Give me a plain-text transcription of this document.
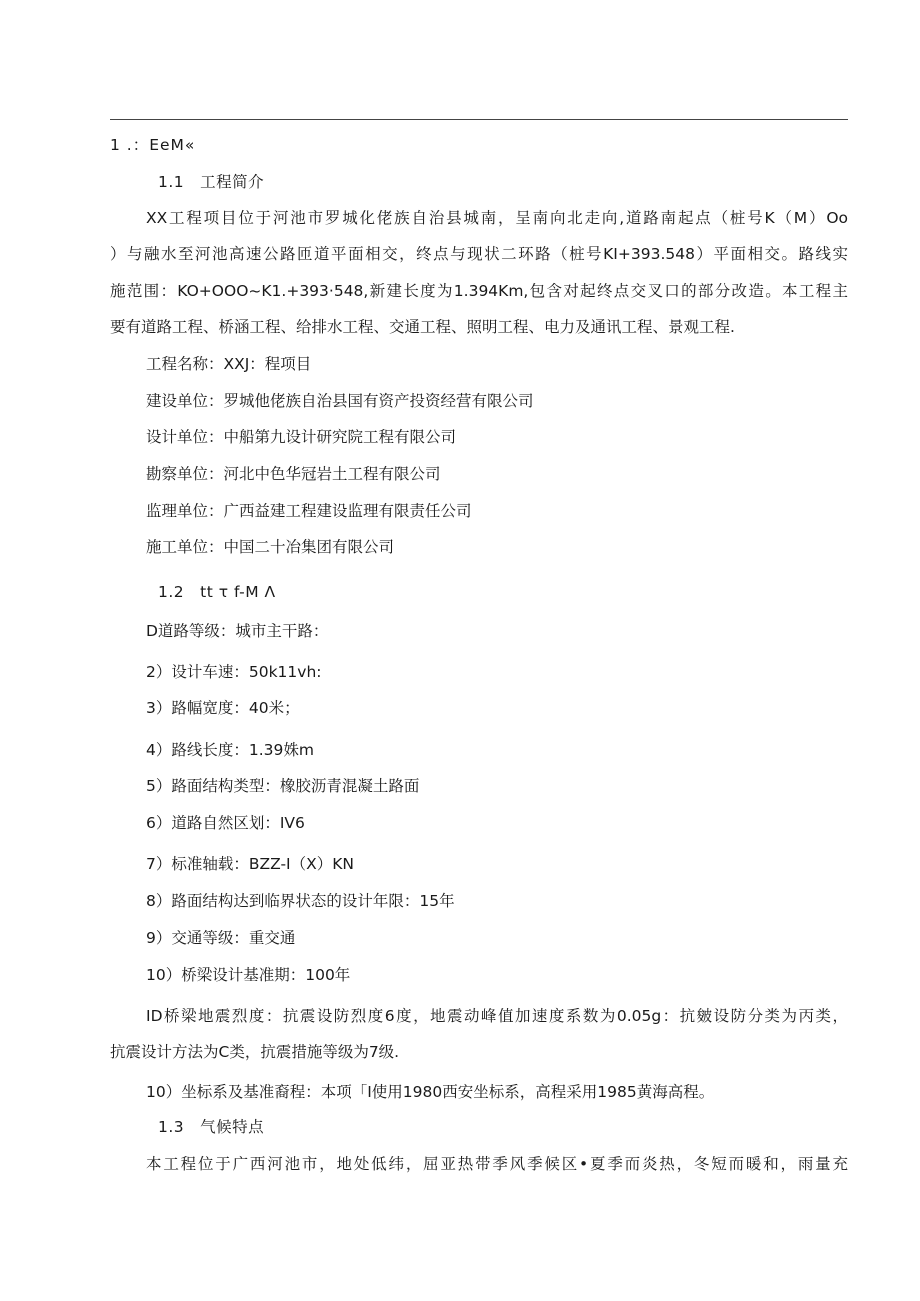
1 .：EeM«
1.1　工程简介
XX工程项目位于河池市罗城化佬族自治县城南，呈南向北走向,道路南起点（桩号K（M）Oo
）与融水至河池高速公路匝道平面相交，终点与现状二环路（桩号KI+393.548）平面相交。路线实
施范围：KO+OOO~K1.+393·548,新建长度为1.394Km,包含对起终点交叉口的部分改造。本工程主
要有道路工程、桥涵工程、给排水工程、交通工程、照明工程、电力及通讯工程、景观工程.
工程名称：XXJ：程项目
建设单位：罗城他佬族自治县国有资产投资经营有限公司
设计单位：中船第九设计研究院工程有限公司
勘察单位：河北中色华冠岩土工程有限公司
监理单位：广西益建工程建设监理有限责任公司
施工单位：中国二十冶集团有限公司
1.2　tt τ f-M Λ
D道路等级：城市主干路：
2）设计车速：50k11vh:
3）路幅宽度：40米；
4）路线长度：1.39姝m
5）路面结构类型：橡胶沥青混凝土路面
6）道路自然区划：IV6
7）标准轴载：BZZ-I（X）KN
8）路面结构达到临界状态的设计年限：15年
9）交通等级：重交通
10）桥梁设计基准期：100年
ID桥梁地震烈度：抗震设防烈度6度，地震动峰值加速度系数为0.05g：抗皴设防分类为丙类，
抗震设计方法为C类，抗震措施等级为7级.
10）坐标系及基准裔程：本项「I使用1980西安坐标系，高程采用1985黄海高程。
1.3　气候特点
本工程位于广西河池市，地处低纬，屈亚热带季风季候区•夏季而炎热，冬短而暖和，雨量充
